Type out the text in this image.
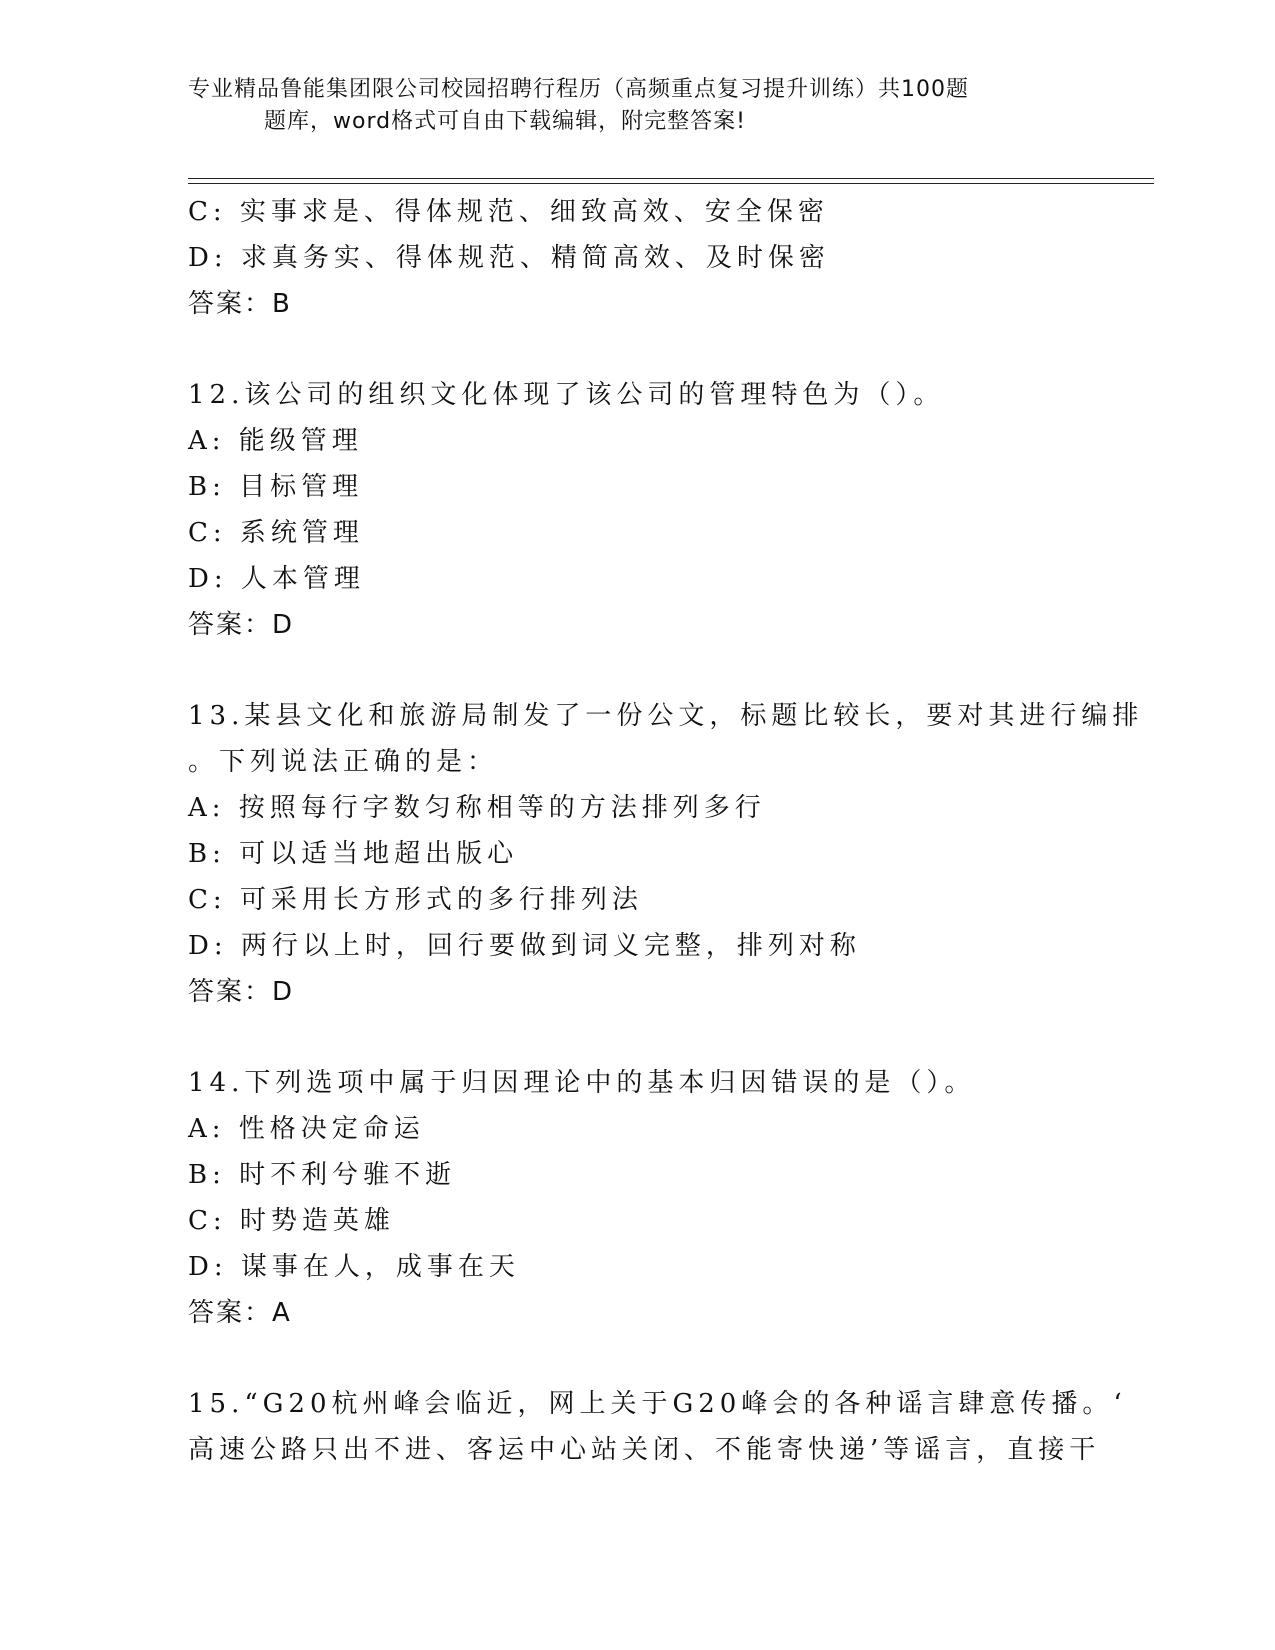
专业精品鲁能集团限公司校园招聘行程历（高频重点复习提升训练）共100题
题库，word格式可自由下载编辑，附完整答案!
C: 实事求是、得体规范、细致高效、安全保密
D: 求真务实、得体规范、精简高效、及时保密
答案：B
12.该公司的组织文化体现了该公司的管理特色为（）。
A: 能级管理
B: 目标管理
C: 系统管理
D: 人本管理
答案：D
13.某县文化和旅游局制发了一份公文，标题比较长，要对其进行编排
。下列说法正确的是：
A: 按照每行字数匀称相等的方法排列多行
B: 可以适当地超出版心
C: 可采用长方形式的多行排列法
D: 两行以上时，回行要做到词义完整，排列对称
答案：D
14.下列选项中属于归因理论中的基本归因错误的是（）。
A: 性格决定命运
B: 时不利兮骓不逝
C: 时势造英雄
D: 谋事在人，成事在天
答案：A
15.“G20杭州峰会临近，网上关于G20峰会的各种谣言肆意传播。‘
高速公路只出不进、客运中心站关闭、不能寄快递’等谣言，直接干
